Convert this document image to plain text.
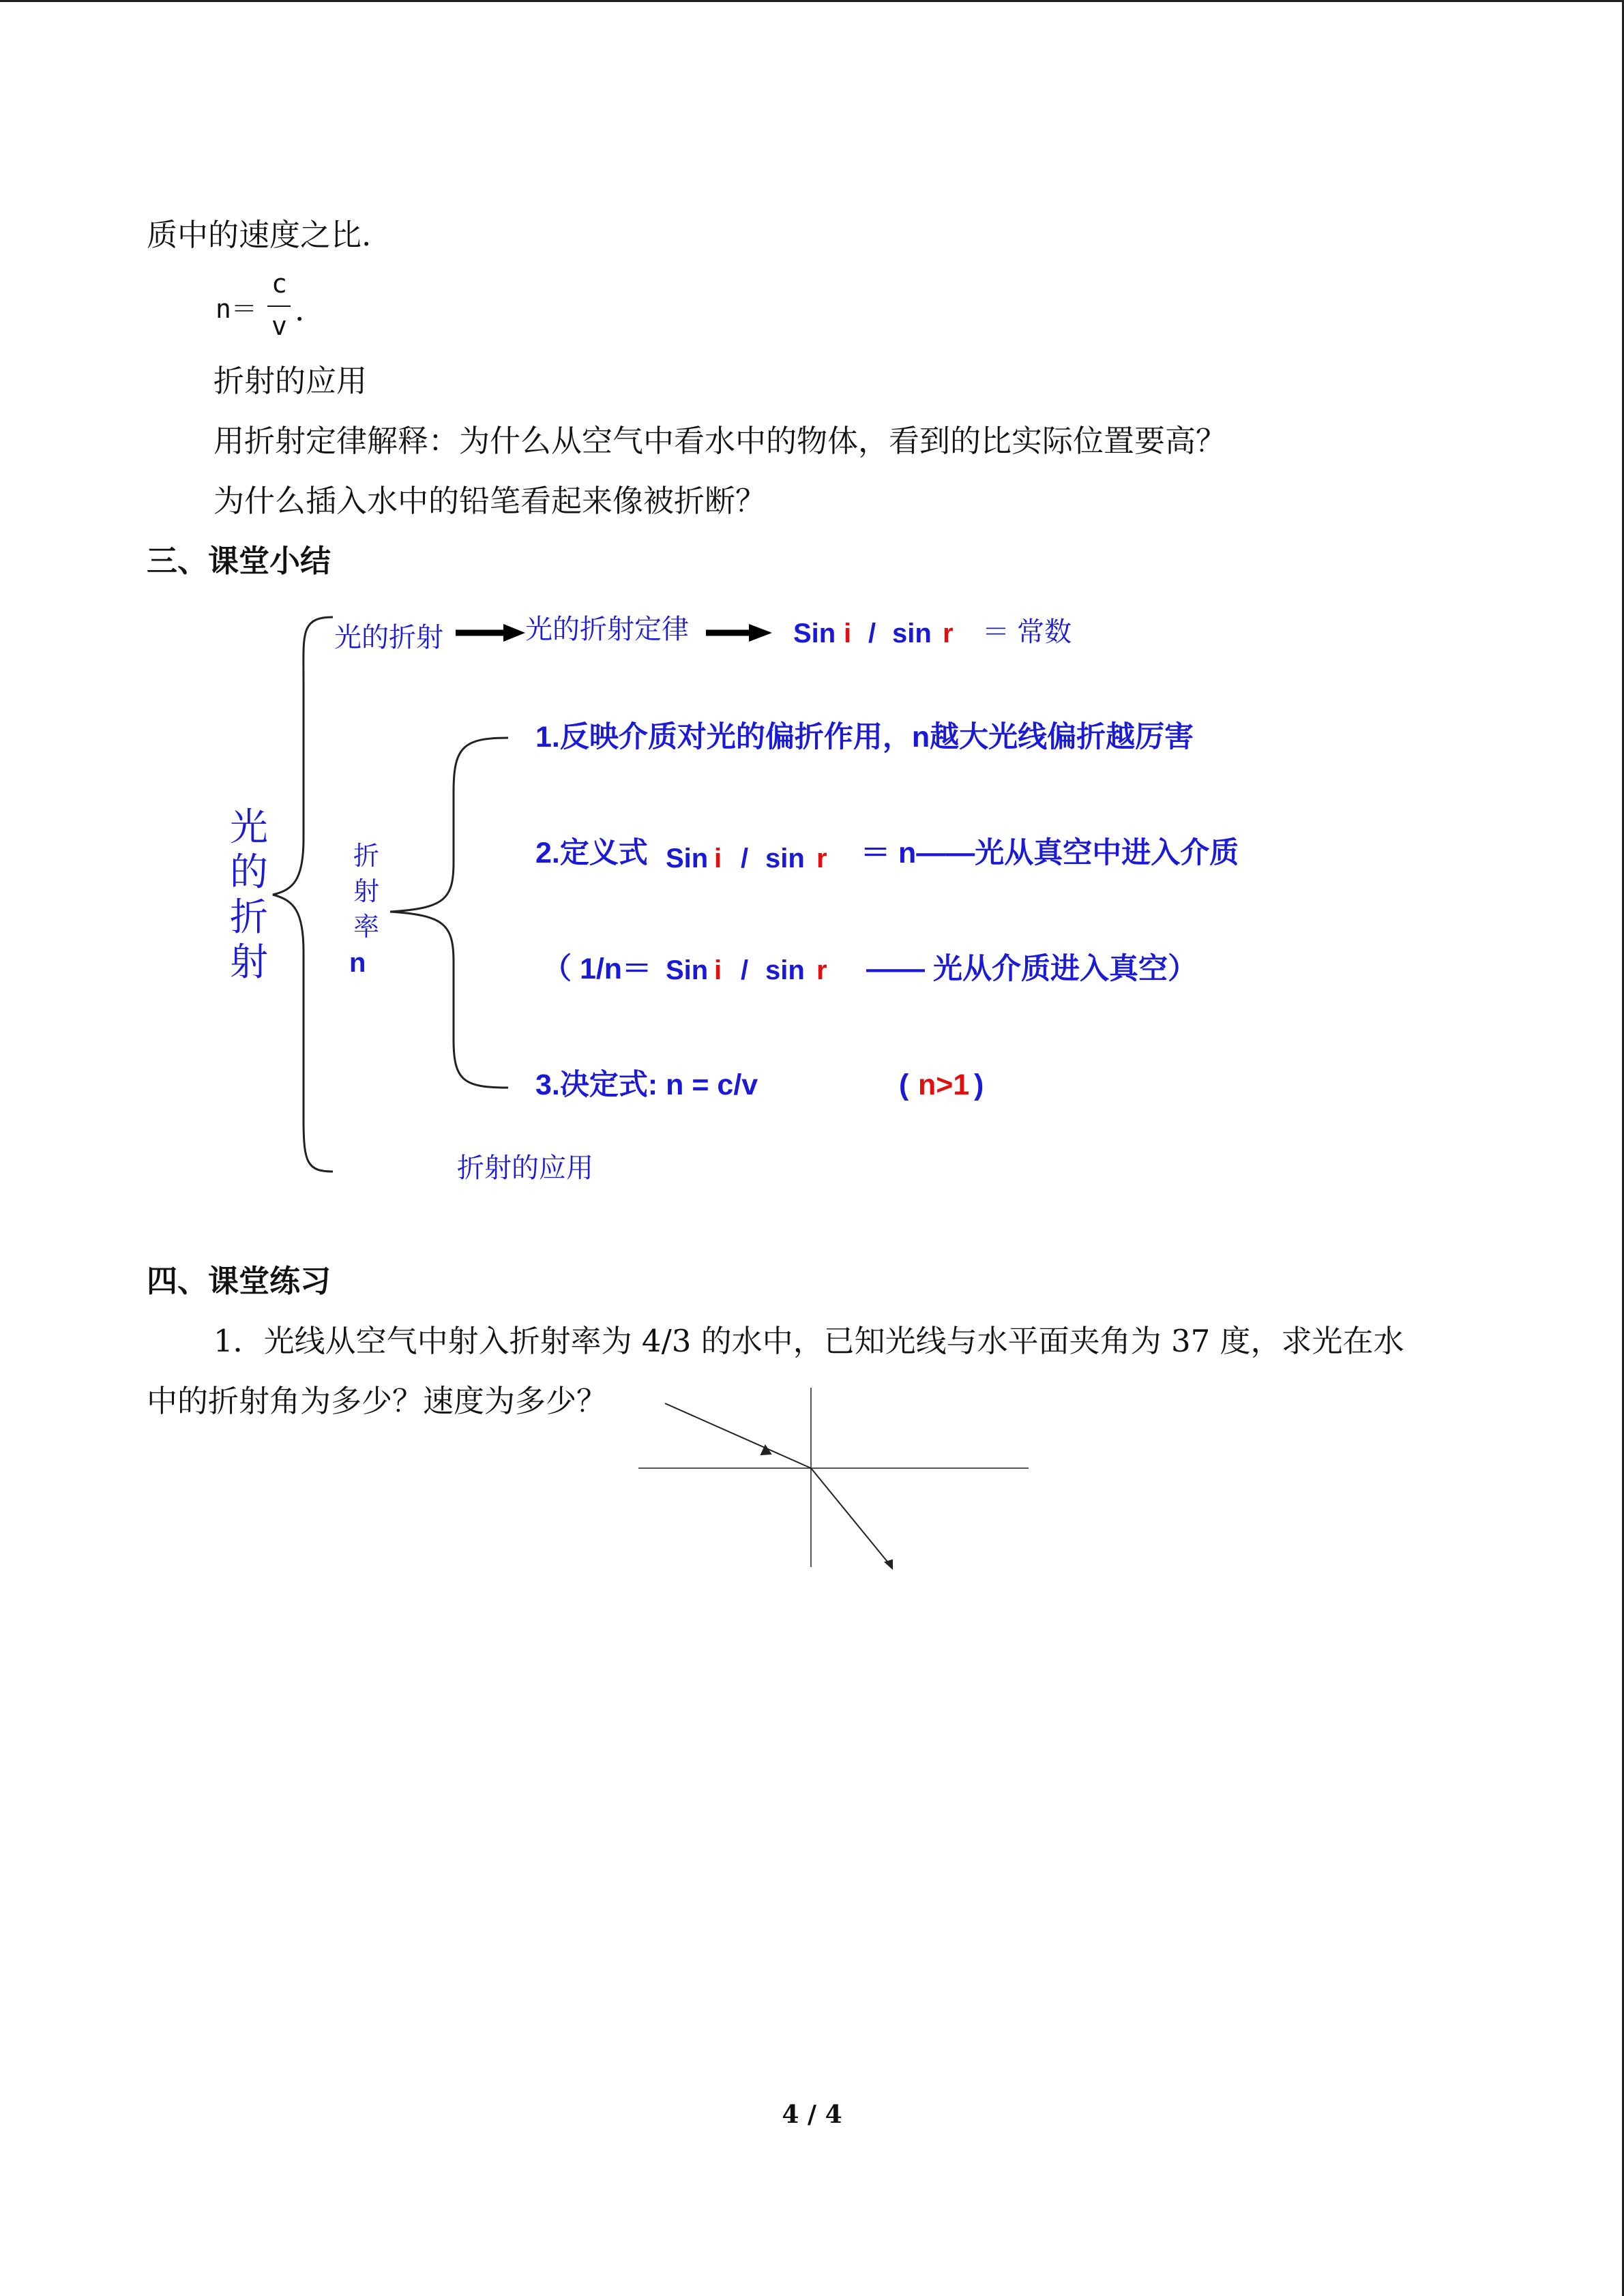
质中的速度之比.
n＝
c
v .
折射的应用
用折射定律解释：为什么从空气中看水中的物体，看到的比实际位置要高？
为什么插入水中的铅笔看起来像被折断？
三、课堂小结
光的折射	光的折射定律	Sin i / sin r ＝ 常数
光
的
折
射
折
射
率
n
1.反映介质对光的偏折作用，n越大光线偏折越厉害
2.定义式 Sin i / sin r ＝ n——光从真空中进入介质
（ 1/n＝ Sin i / sin r —— 光从介质进入真空）
3.决定式: n = c/v	( n>1 )
折射的应用
四、课堂练习
1．光线从空气中射入折射率为 4/3 的水中，已知光线与水平面夹角为 37 度，求光在水
中的折射角为多少？速度为多少？
4 / 4
